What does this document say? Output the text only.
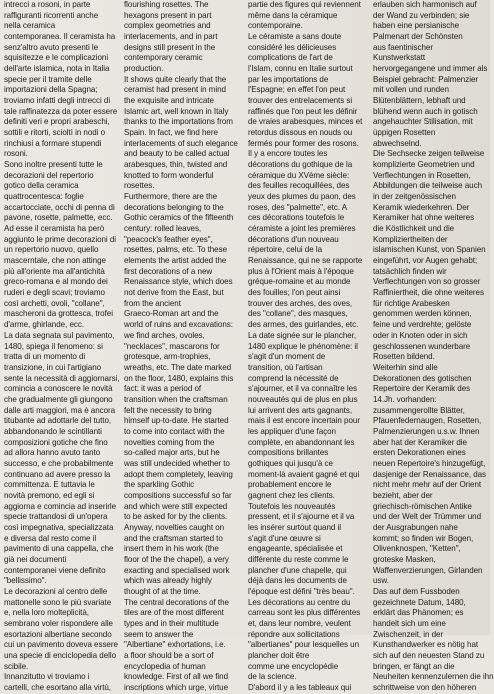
intrecci a rosoni, in parte
raffiguranti ricorrenti anche
nella ceramica
contemporanea. Il ceramista ha
senz'altro avuto presenti le
squisitezze e le complicazioni
dell'arte islamica, nota in Italia
specie per il tramite delle
importazioni della Spagna;
troviamo infatti degli intrecci di
tale raffinatezza da poter essere
definiti veri e propri arabeschi,
sottili e ritorti, scioltì in nodi o
rinchiusi a formare stupendi
rosoni.
Sono inoltre presenti tutte le
decorazioni del repertorio
gotico della ceramica
quattrocentesca: foglie
accartocciate, occhi di penna di
pavone, rosette, palmette, ecc.
Ad esse il ceramista ha però
aggiunto le prime decorazioni di
un repertorio nuovo, quello
mascerntale, che non attinge
più all'oriente ma all'antichità
greco-romana e al mondo dei
ruderi e degli scavi; troviamo
così archetti, ovoli, "collane",
mascheroni da grottesca, trofei
d'arme, ghirlande, ecc.
La data segnata sul pavimento,
1480, spiega il fenomeno: si
tratta di un momento di
transizione, in cui l'artigiano
sente la necessità di aggiornarsi,
comincia a conoscere le novità
che gradualmente gli giungono
dalle arti maggiori, ma è ancora
titubante ad adottarle del tutto,
abbandonando le scintillanti
composizioni gotiche che fino
ad allora hanno avuto tanto
successo, e che probabilmente
continuano ad avere presso la
committenza. E tuttavia le
novità premono, ed egli si
aggiorna e comincia ad inserirle
specie trattandosi di un'opera
così impegnativa, specializzata
e diversa dal resto come il
pavimento di una cappella, che
già nei documenti
contemporanei viene definito
"bellissimo".
Le decorazioni al centro delle
mattonelle sono le più svariate
e, nella loro molteplicità,
sembrano voler rispondere alle
esortazioni albertiane secondo
cui un pavimento doveva essere
una specie di enciclopedia dello
scibile.
Innanzitutto vi troviamo i
cartelli, che esortano alla virtù,
flourishing rosettes. The
hexagons present in part
complex geometries and
interlacements, and in part
designs still present in the
contemporary ceramic
production.
It shows quite clearly that the
ceramist had present in mind
the exquisite and intricate
Islamic art, well known in Italy
thanks to the importations from
Spain. In fact, we find here
interlacements of such elegance
and beauty to be called actual
arabesques, thin, twisted and
knotted to form wonderful
rosettes.
Furthermore, there are the
decorations belonging to the
Gothic ceramics of the fifteenth
century: rolled leaves,
"peacock's feather eyes",
rosettes, palms, etc. To these
elements the artist added the
first decorations of a new
Renaissance style, which does
not derive from the East, but
from the ancient
Graeco-Roman art and the
world of ruins and excavations:
we find arches, ovoles,
"necklaces", mascarons for
grotesque, arm-trophies,
wreaths, etc. The date marked
on the floor, 1480, explains this
fact: it was a period of
transition when the craftsman
felt the necessity to bring
himself up-to-date. He started
to come into contact with the
novelties coming from the
so-called major arts, but he
was still undecided whether to
adopt them completely, leaving
the sparkling Gothic
compositions successful so far
and which were still expected
to be asked for by the clients.
Anyway, novelties caught on
and the craftsman started to
insert them in his work (the
floor of the the chapel), a very
exacting and specialised work
which was already highly
thought of at the time.
The central decorations of the
tiles are of the most different
types and in their multitude
seem to answer the
"Albertiane" exhortations, i.e.
a floor should be a sort of
encyclopedia of human
knowledge. First of all we find
inscriptions which urge, virtue
partie des figures qui reviennent
même dans la céramique
contemporaine.
Le céramiste a sans doute
considéré les délicieuses
complications de l'art de
l'Islam, connu en Italie surtout
par les importations de
l'Espagne; en effet l'on peut
trouver des entrelacements si
raffinés que l'on peut les définir
de vraies arabesques, minces et
retordus dissous en nouds ou
fermés pour former des rosons.
Il y a encore toutes les
décorations du gothique de la
céramique du XVème siècle:
des feuilles recoquillées, des
yeux des plumes du paon, des
roses, des "palmette", etc. A
ces décorations toutefois le
céramiste a joint les premières
décorations d'un nouveau
répertoire, celui de la
Renaissance, qui ne se rapporte
plus à l'Orient mais à l'époque
gréque-romaine et au monde
des fouilles; l'on peut ainsi
trouver des arches, des oves,
des "collane", des masques,
des armes, des guirlandes, etc.
La date signée sur le plancher,
1480 explique le phénomène: il
s'agit d'un moment de
transition, où l'artisan
comprend la nécessité de
s'ajourner, et il va connaître les
nouveautés qui de plus en plus
lui arrivent des arts gagnants,
mais il est encore incertain pour
les appliquer d'une façon
complète, en abandonnant les
compositions brillantes
gothiques qui jusqu'à ce
moment-là avaient gagné et qui
probablement encore le
gagnent chez les clients.
Toutefois les nouveautés
pressent, et il s'ajourne et il va
les insérer surtout quand il
s'agit d'une œuvre si
engageante, spécialisée et
différente du reste comme le
plancher d'une chapelle, qui
déjà dans les documents de
l'époque est défini "très beau".
Les décorations au centre du
carreau sont les plus différentes
et, dans leur nombre, veulent
répondre aux sollicitations
"albertianes" pour lesquelles un
plancher doit être
comme une encyclopédie
de la science.
D'abord il y a les tableaux qui
erlauben sich harmonisch auf
der Wand zu verbinden; sie
haben eine persianische
Palmenart der Schönsten
aus faentinischer
Kunstwerkstatt
hervorgegangene und immer als
Beispiel gebracht: Palmenzier
mit vollen und runden
Blütenblättern, lebhaft und
blühend wenn auch in gotisch
angehauchter Stilisation, mit
üppigen Rosetten
abwechselnd.
Die Sechsecke zeigen teilweise
komplizierte Geometrien und
Verflechtungen in Rosetten,
Abbildungen die teilweise auch
in der zeitgenössischen
Keramik wiederkehren. Der
Keramiker hat ohne weiteres
die Köstlichkeit und die
Kompliziertheiten der
islamischen Kunst, von Spanien
eingeführt, vor Augen gehabt;
tatsächlich finden wir
Verflechtungen von so grosser
Raffiniertheit, die ohne weiteres
für richtige Arabesken
genommen werden können,
feine und verdrehte; gelöste
oder in Knoten oder in sich
geschlossenen wunderbare
Rosetten bildend.
Weiterhin sind alle
Dekorationen des gotischen
Repertoire der Keramik des
14.Jh. vorhanden:
zusammengerollte Blätter,
Pfauenfedernaugen, Rosetten,
Palmenzierungen u.s.w. Ihnen
aber hat der Keramiker die
ersten Dekorationen eines
neuen Repertoire's hinzugefügt,
dasjenige der Renaissance, das
nicht mehr mehr auf der Orient
bezieht, aber der
griechisch-römischen Antike
und der Welt der Trümmer und
der Ausgrabungen nahe
kommt; so finden wir Bogen,
Olivenknospen, "Ketten",
groteske Masken,
Waffenverzierungen, Girlanden
usw.
Das auf dem Fussboden
gezeichnete Datum, 1480,
erklärt das Phänomen; es
handelt sich um eine
Zwischenzeit, in der
Kunsthandwerker es nötig hat
sich auf den neuesten Stand zu
bringen, er fängt an die
Neuheiten kennenzulernen die ihn
schrittweise von den höheren
